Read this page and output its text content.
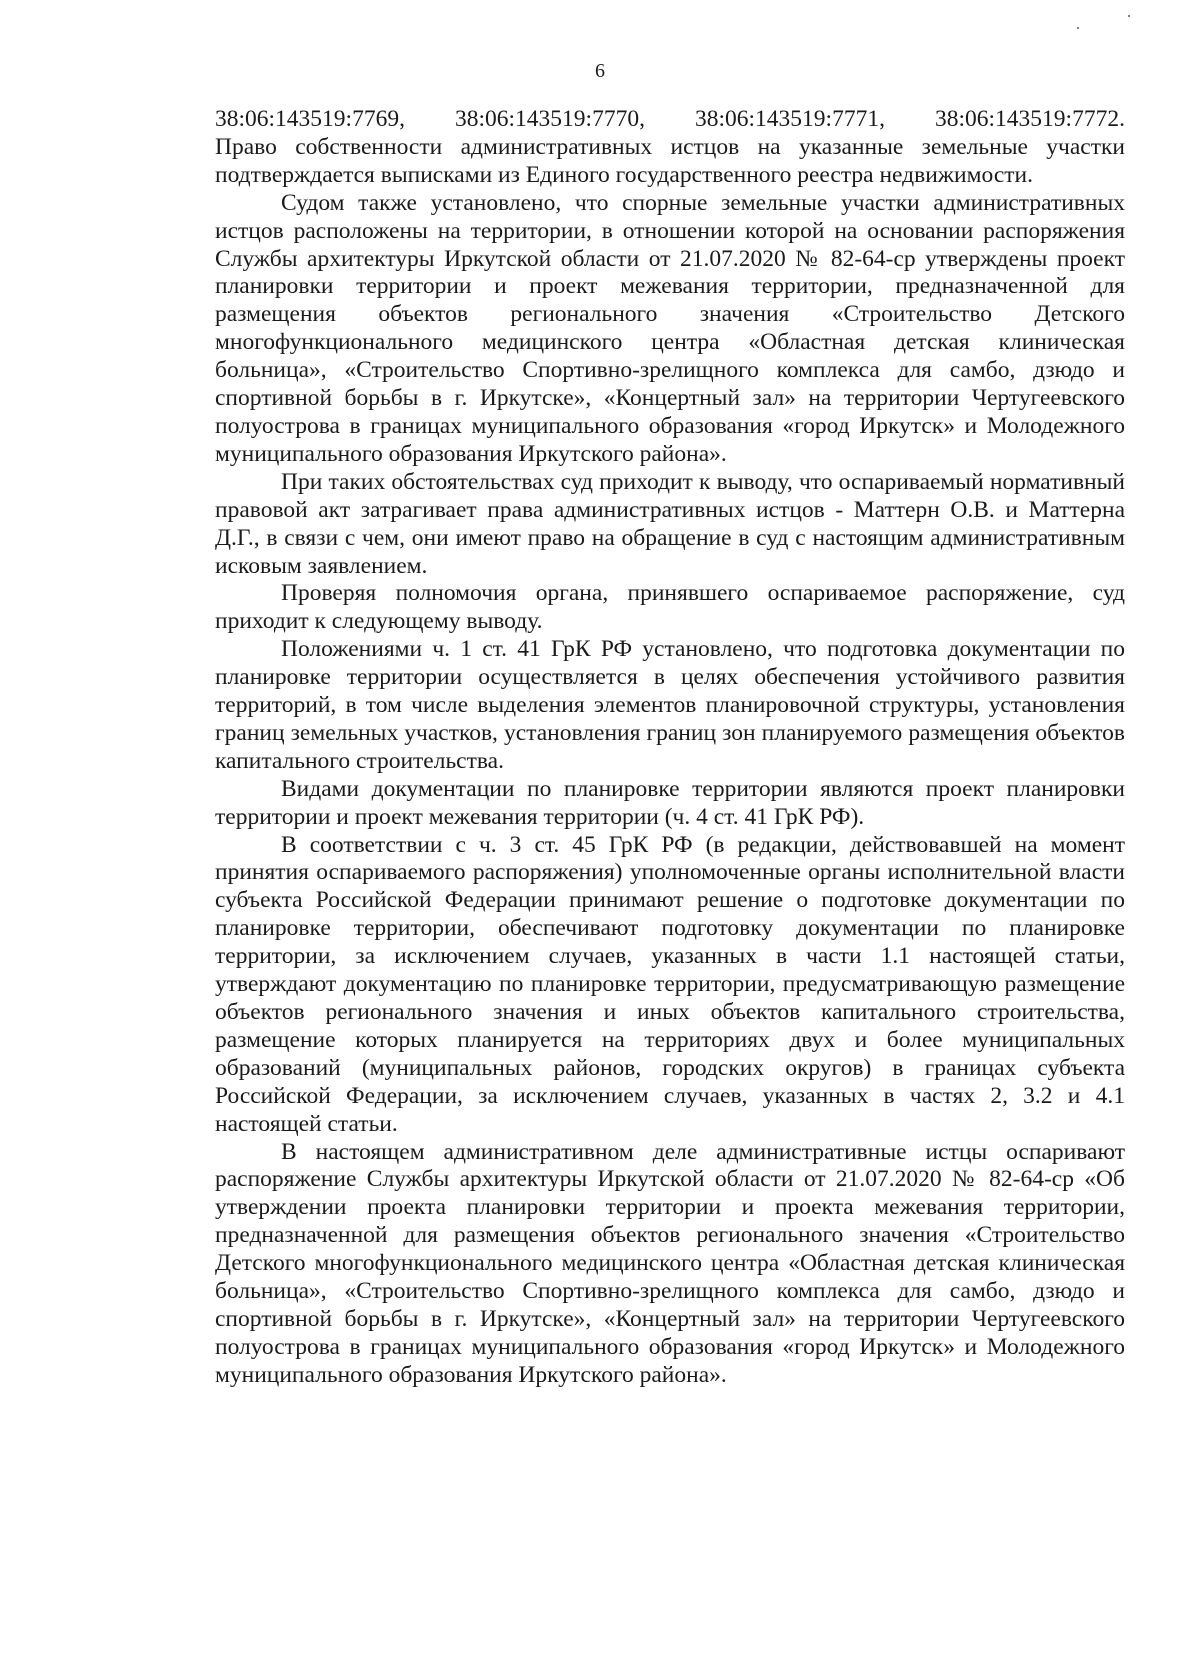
6
38:06:143519:7769, 38:06:143519:7770, 38:06:143519:7771, 38:06:143519:7772.

Право собственности административных истцов на указанные земельные участки подтверждается выписками из Единого государственного реестра недвижимости.

Судом также установлено, что спорные земельные участки административных истцов расположены на территории, в отношении которой на основании распоряжения Службы архитектуры Иркутской области от 21.07.2020 № 82-64-ср утверждены проект планировки территории и проект межевания территории, предназначенной для размещения объектов регионального значения «Строительство Детского многофункционального медицинского центра «Областная детская клиническая больница», «Строительство Спортивно-зрелищного комплекса для самбо, дзюдо и спортивной борьбы в г. Иркутске», «Концертный зал» на территории Чертугеевского полуострова в границах муниципального образования «город Иркутск» и Молодежного муниципального образования Иркутского района».

При таких обстоятельствах суд приходит к выводу, что оспариваемый нормативный правовой акт затрагивает права административных истцов - Маттерн О.В. и Маттерна Д.Г., в связи с чем, они имеют право на обращение в суд с настоящим административным исковым заявлением.

Проверяя полномочия органа, принявшего оспариваемое распоряжение, суд приходит к следующему выводу.

Положениями ч. 1 ст. 41 ГрК РФ установлено, что подготовка документации по планировке территории осуществляется в целях обеспечения устойчивого развития территорий, в том числе выделения элементов планировочной структуры, установления границ земельных участков, установления границ зон планируемого размещения объектов капитального строительства.

Видами документации по планировке территории являются проект планировки территории и проект межевания территории (ч. 4 ст. 41 ГрК РФ).

В соответствии с ч. 3 ст. 45 ГрК РФ (в редакции, действовавшей на момент принятия оспариваемого распоряжения) уполномоченные органы исполнительной власти субъекта Российской Федерации принимают решение о подготовке документации по планировке территории, обеспечивают подготовку документации по планировке территории, за исключением случаев, указанных в части 1.1 настоящей статьи, утверждают документацию по планировке территории, предусматривающую размещение объектов регионального значения и иных объектов капитального строительства, размещение которых планируется на территориях двух и более муниципальных образований (муниципальных районов, городских округов) в границах субъекта Российской Федерации, за исключением случаев, указанных в частях 2, 3.2 и 4.1 настоящей статьи.

В настоящем административном деле административные истцы оспаривают распоряжение Службы архитектуры Иркутской области от 21.07.2020 № 82-64-ср «Об утверждении проекта планировки территории и проекта межевания территории, предназначенной для размещения объектов регионального значения «Строительство Детского многофункционального медицинского центра «Областная детская клиническая больница», «Строительство Спортивно-зрелищного комплекса для самбо, дзюдо и спортивной борьбы в г. Иркутске», «Концертный зал» на территории Чертугеевского полуострова в границах муниципального образования «город Иркутск» и Молодежного муниципального образования Иркутского района».
